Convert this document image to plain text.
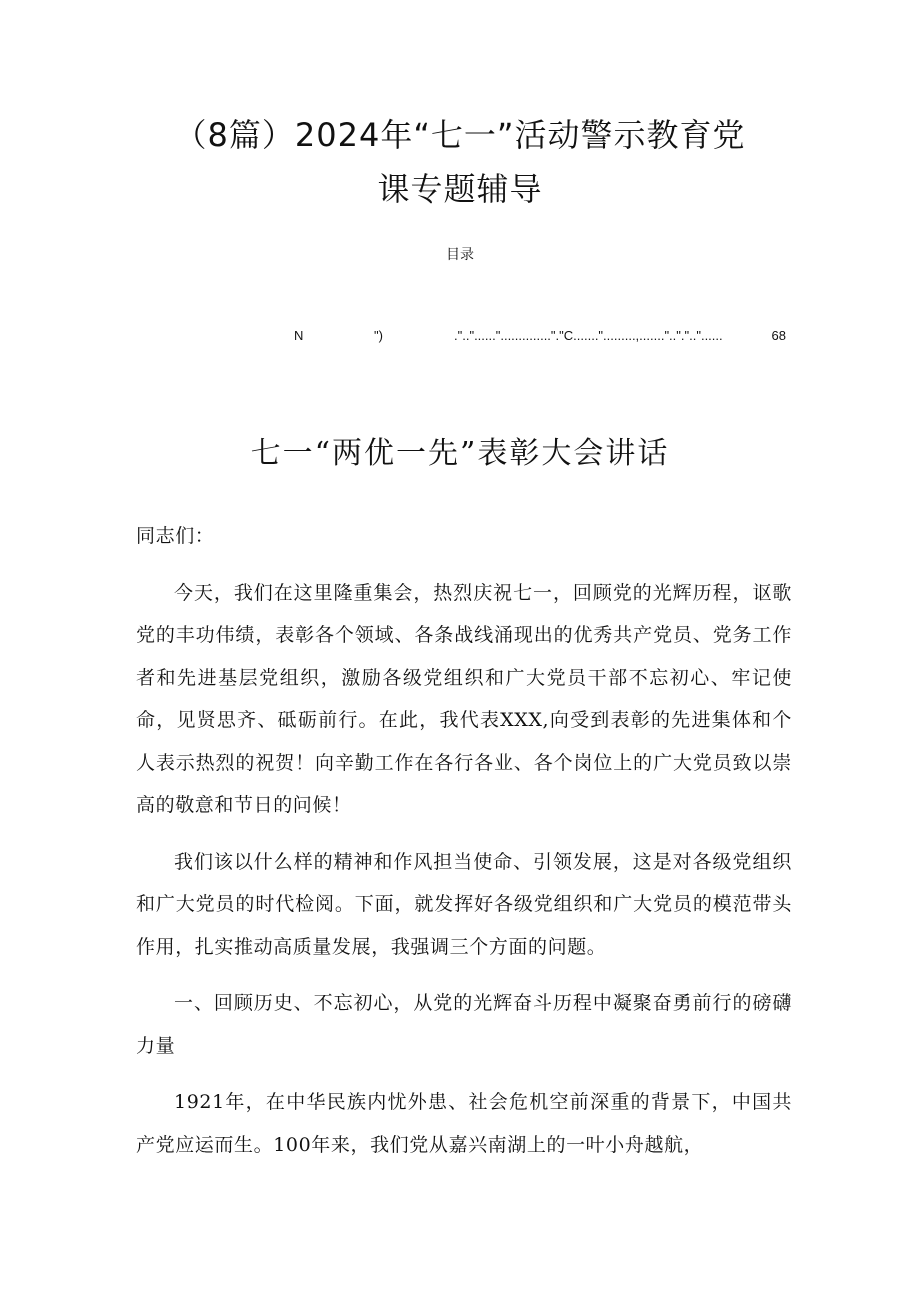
（8篇）2024年“七一”活动警示教育党
课专题辅导
目录
N	")	.".."......".............."."C.......".........,......."..".".."......	68
七一“两优一先”表彰大会讲话

同志们：

今天，我们在这里隆重集会，热烈庆祝七一，回顾党的光辉历程，讴歌党的丰功伟绩，表彰各个领域、各条战线涌现出的优秀共产党员、党务工作者和先进基层党组织，激励各级党组织和广大党员干部不忘初心、牢记使命，见贤思齐、砥砺前行。在此，我代表XXX,向受到表彰的先进集体和个人表示热烈的祝贺！向辛勤工作在各行各业、各个岗位上的广大党员致以崇高的敬意和节日的问候！

我们该以什么样的精神和作风担当使命、引领发展，这是对各级党组织和广大党员的时代检阅。下面，就发挥好各级党组织和广大党员的模范带头作用，扎实推动高质量发展，我强调三个方面的问题。

一、回顾历史、不忘初心，从党的光辉奋斗历程中凝聚奋勇前行的磅礴力量

1921年，在中华民族内忧外患、社会危机空前深重的背景下，中国共产党应运而生。100年来，我们党从嘉兴南湖上的一叶小舟越航，
